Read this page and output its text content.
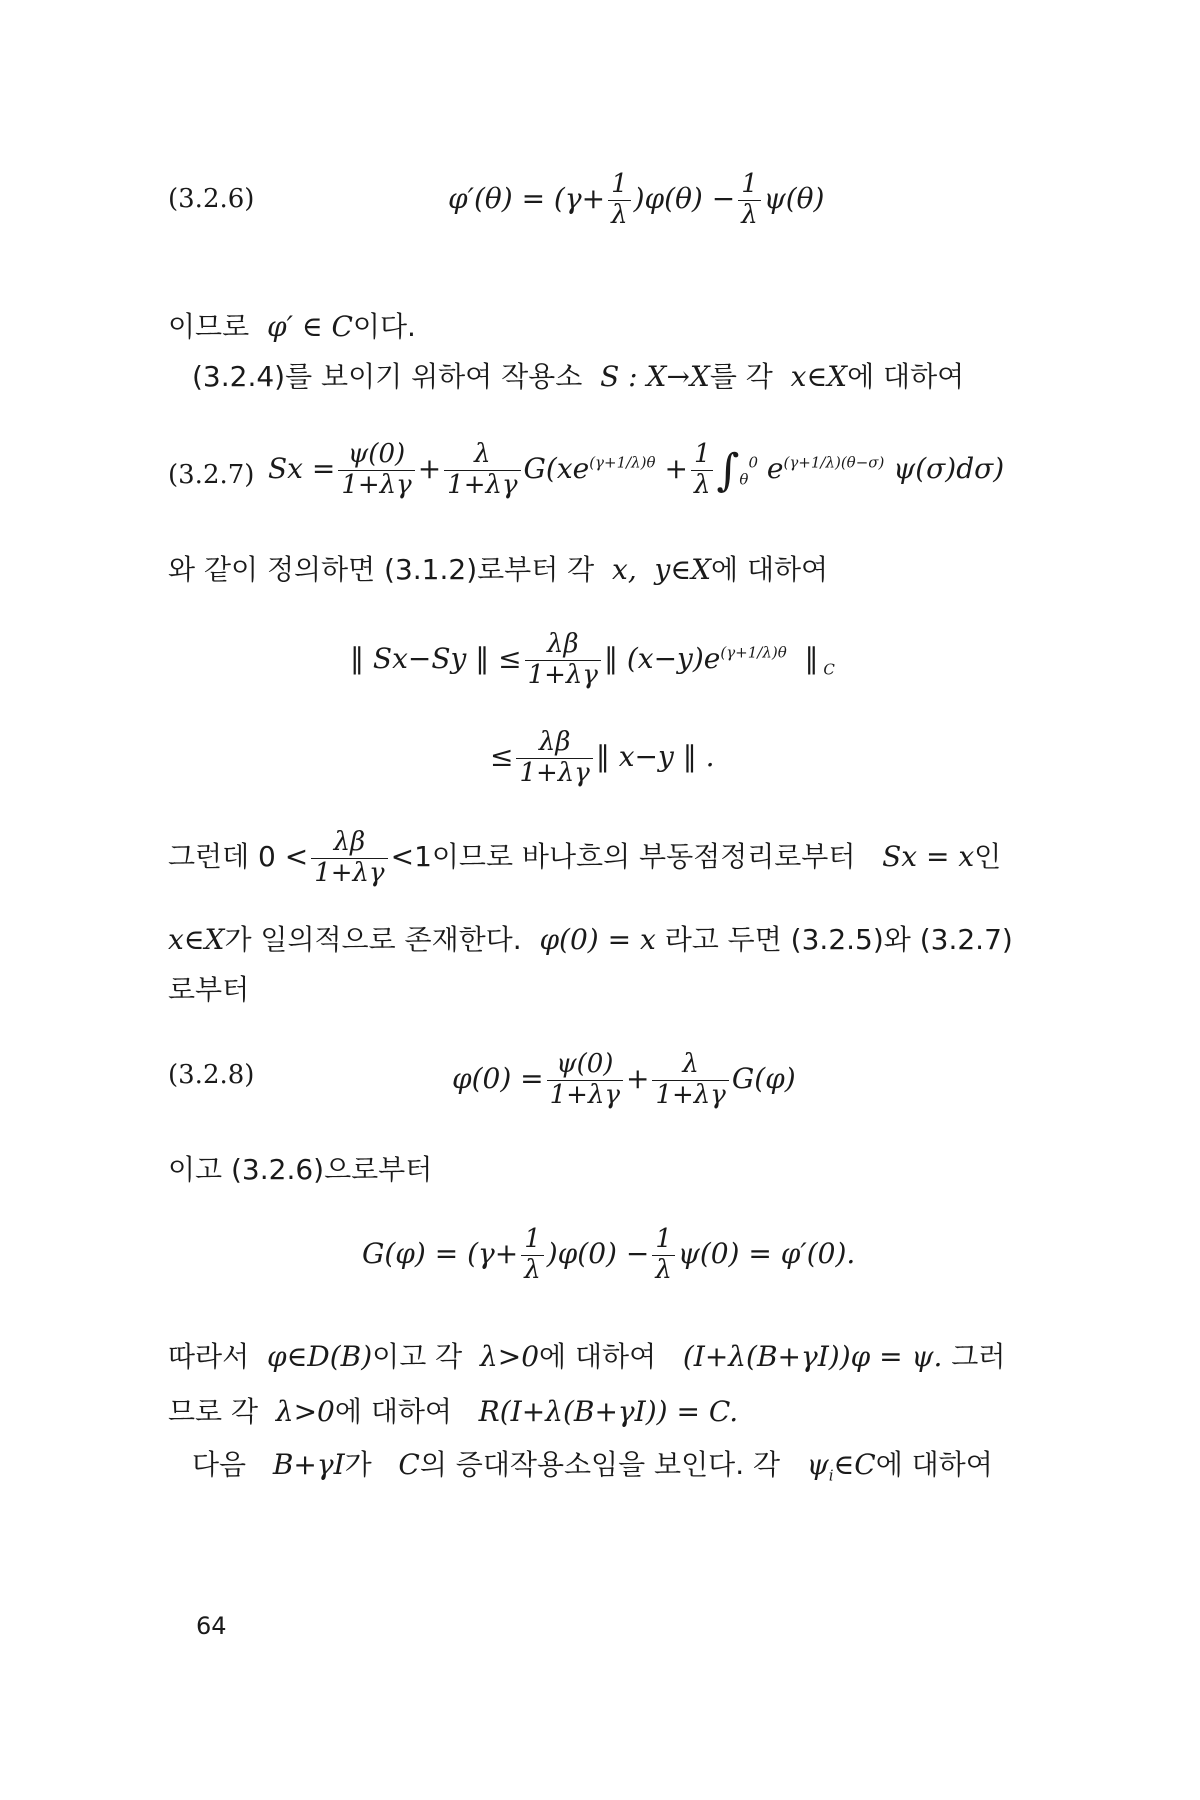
(3.2.6)	$\varphi'(\theta) = (\gamma+ \frac{1}{\lambda} )\varphi(\theta) - \frac{1}{\lambda} \psi(\theta)$
이므로  φ′ ∈ C이다.
(3.2.4)를 보이기 위하여 작용소  S : X→X를 각  x∈X에 대하여
(3.2.7) $Sx = \frac{\psi(0)}{1+\lambda\gamma} + \frac{\lambda}{1+\lambda\gamma} G(xe^{(\gamma+1/\lambda)\theta} + \frac{1}{\lambda} \int_\theta^0$ $e^{(\gamma+1/\lambda)(\theta-\sigma)}$ ψ(σ)dσ)
와 같이 정의하면 (3.1.2)로부터 각  x,  y∈X에 대하여
‖ Sx−Sy ‖ ≤ $\frac{\lambda\beta}{1+\lambda\gamma}$ ‖ $(x-y)e^{(\gamma+1/\lambda)\theta}$  ‖ $_C$
≤ $\frac{\lambda\beta}{1+\lambda\gamma}$ ‖ x−y ‖ .
그런데 $0 < \frac{\lambda\beta}{1+\lambda\gamma} <1$이므로 바나흐의 부동점정리로부터   Sx = x인
x∈X가 일의적으로 존재한다.  φ(0) = x 라고 두면 (3.2.5)와 (3.2.7)
로부터
(3.2.8)	$\varphi(0) = \frac{\psi(0)}{1+\lambda\gamma} + \frac{\lambda}{1+\lambda\gamma} G(\varphi)$
이고 (3.2.6)으로부터
$G(\varphi) = (\gamma+ \frac{1}{\lambda} )\varphi(0) - \frac{1}{\lambda} \psi(0) = \varphi'(0)$.
따라서  φ∈D(B)이고 각  λ>0에 대하여   (I+λ(B+γI))φ = ψ. 그러
므로 각  λ>0에 대하여   R(I+λ(B+γI)) = C.
다음   B+γI가   C의 증대작용소임을 보인다. 각   $\psi_i\in C$에 대하여
64
